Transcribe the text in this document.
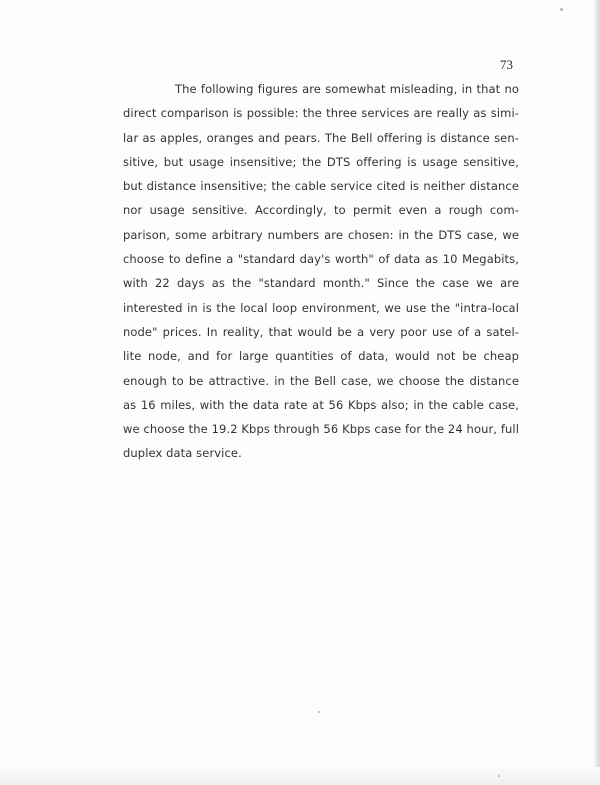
73

The following figures are somewhat misleading, in that no
direct comparison is possible: the three services are really as simi-
lar as apples, oranges and pears. The Bell offering is distance sen-
sitive, but usage insensitive; the DTS offering is usage sensitive,
but distance insensitive; the cable service cited is neither distance
nor usage sensitive. Accordingly, to permit even a rough com-
parison, some arbitrary numbers are chosen: in the DTS case, we
choose to define a "standard day's worth" of data as 10 Megabits,
with 22 days as the "standard month." Since the case we are
interested in is the local loop environment, we use the "intra-local
node" prices. In reality, that would be a very poor use of a satel-
lite node, and for large quantities of data, would not be cheap
enough to be attractive. in the Bell case, we choose the distance
as 16 miles, with the data rate at 56 Kbps also; in the cable case,
we choose the 19.2 Kbps through 56 Kbps case for the 24 hour, full
duplex data service.
